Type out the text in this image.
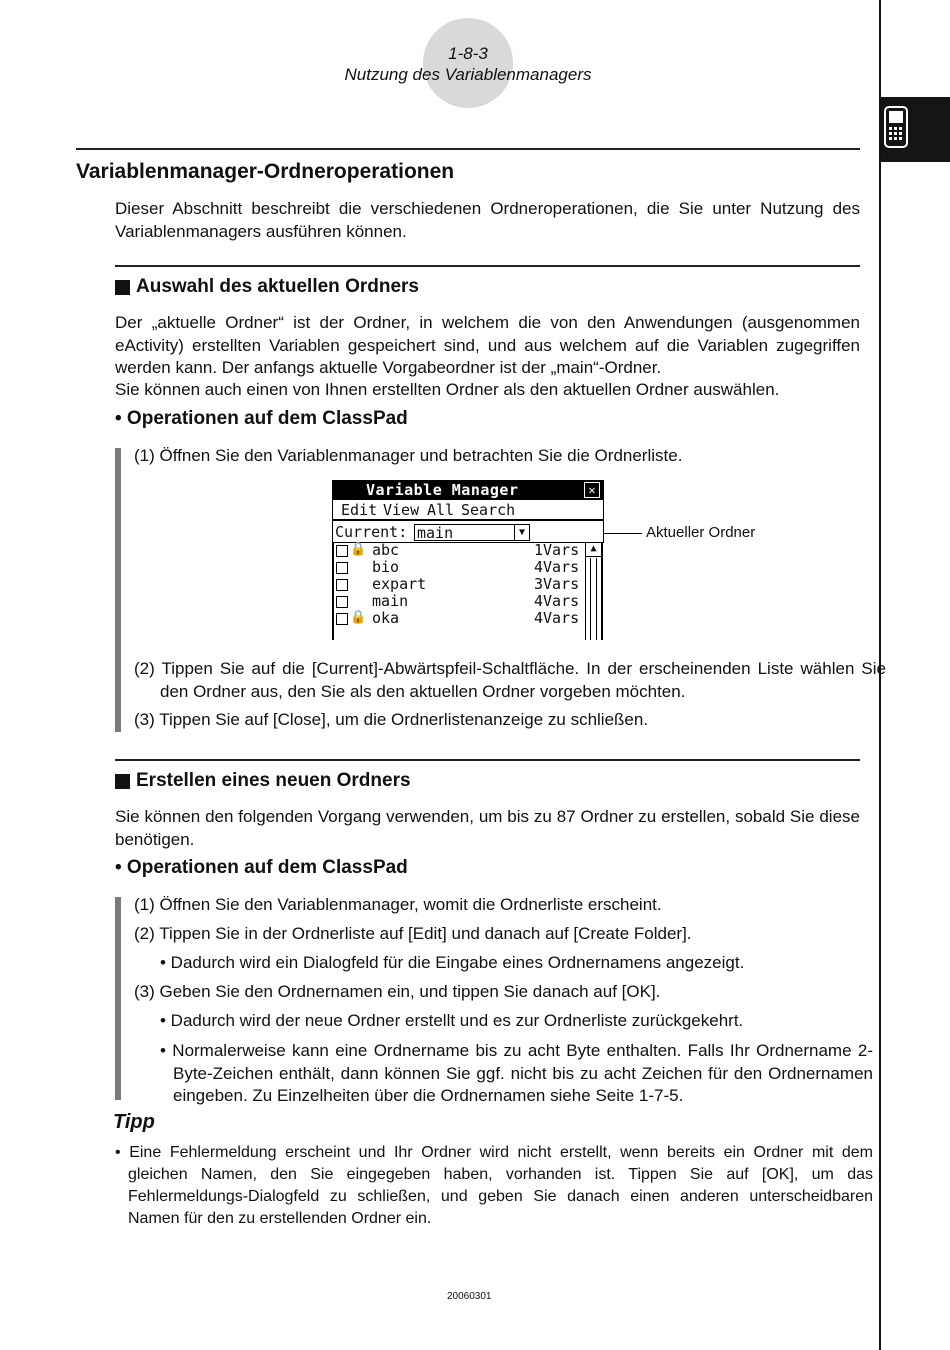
1-8-3
Nutzung des Variablenmanagers
Variablenmanager-Ordneroperationen
Dieser Abschnitt beschreibt die verschiedenen Ordneroperationen, die Sie unter Nutzung des Variablenmanagers ausführen können.
Auswahl des aktuellen Ordners
Der „aktuelle Ordner“ ist der Ordner, in welchem die von den Anwendungen (ausgenommen eActivity) erstellten Variablen gespeichert sind, und aus welchem auf die Variablen zugegriffen werden kann. Der anfangs aktuelle Vorgabeordner ist der „main“-Ordner.
Sie können auch einen von Ihnen erstellten Ordner als den aktuellen Ordner auswählen.
• Operationen auf dem ClassPad
(1) Öffnen Sie den Variablenmanager und betrachten Sie die Ordnerliste.
Variable Manager	✕
Edit View All Search
Current: main	▼
🔒 abc	1Vars
bio	4Vars
expart	3Vars
main	4Vars
🔒 oka	4Vars
▲
Aktueller Ordner
(2) Tippen Sie auf die [Current]-Abwärtspfeil-Schaltfläche. In der erscheinenden Liste wählen Sie den Ordner aus, den Sie als den aktuellen Ordner vorgeben möchten.
(3) Tippen Sie auf [Close], um die Ordnerlistenanzeige zu schließen.
Erstellen eines neuen Ordners
Sie können den folgenden Vorgang verwenden, um bis zu 87 Ordner zu erstellen, sobald Sie diese benötigen.
• Operationen auf dem ClassPad
(1) Öffnen Sie den Variablenmanager, womit die Ordnerliste erscheint.
(2) Tippen Sie in der Ordnerliste auf [Edit] und danach auf [Create Folder].
• Dadurch wird ein Dialogfeld für die Eingabe eines Ordnernamens angezeigt.
(3) Geben Sie den Ordnernamen ein, und tippen Sie danach auf [OK].
• Dadurch wird der neue Ordner erstellt und es zur Ordnerliste zurückgekehrt.
• Normalerweise kann eine Ordnername bis zu acht Byte enthalten. Falls Ihr Ordnername 2-Byte-Zeichen enthält, dann können Sie ggf. nicht bis zu acht Zeichen für den Ordnernamen eingeben. Zu Einzelheiten über die Ordnernamen siehe Seite 1-7-5.
Tipp
• Eine Fehlermeldung erscheint und Ihr Ordner wird nicht erstellt, wenn bereits ein Ordner mit dem gleichen Namen, den Sie eingegeben haben, vorhanden ist. Tippen Sie auf [OK], um das Fehlermeldungs-Dialogfeld zu schließen, und geben Sie danach einen anderen unterscheidbaren Namen für den zu erstellenden Ordner ein.
20060301
